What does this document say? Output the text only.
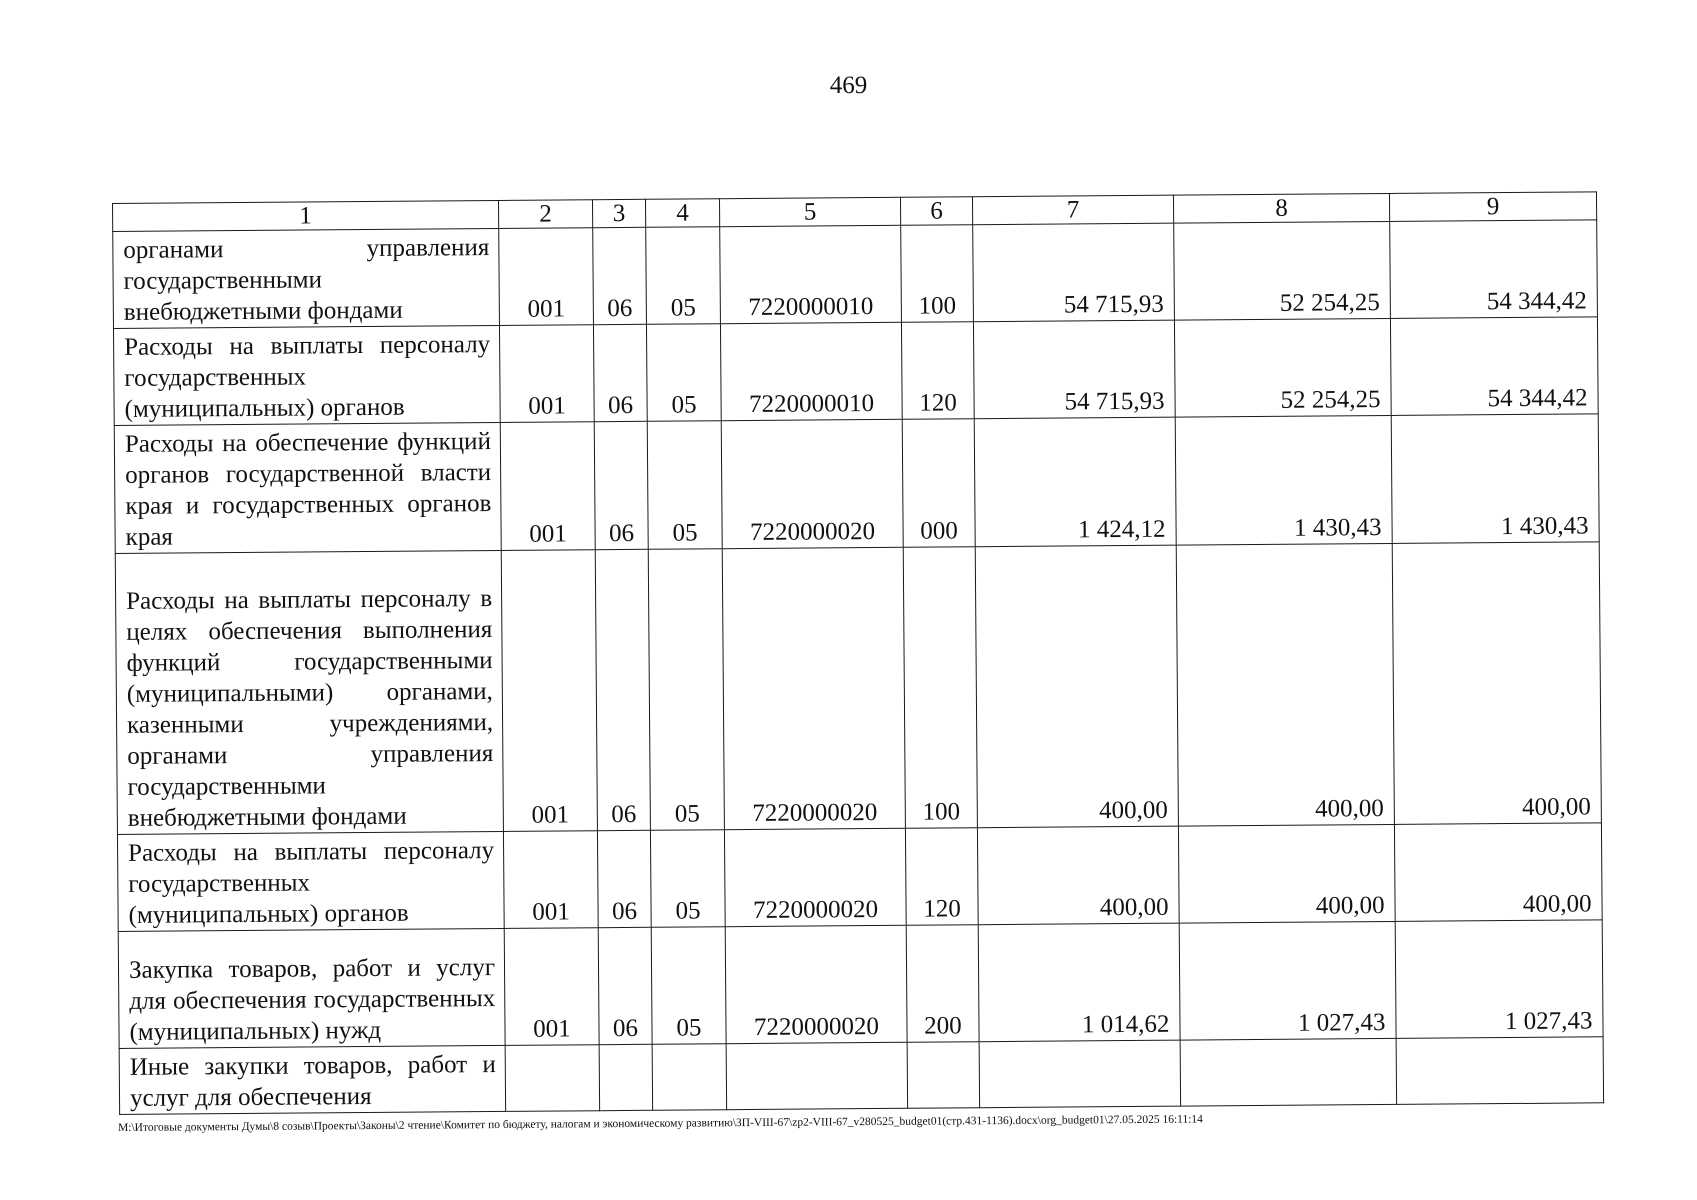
469
1	2	3	4	5	6	7	8	9
органами управления государственными внебюджетными фондами	001	06	05	7220000010	100	54 715,93	52 254,25	54 344,42
Расходы на выплаты персоналу государственных (муниципальных) органов	001	06	05	7220000010	120	54 715,93	52 254,25	54 344,42
Расходы на обеспечение функций органов государственной власти края и государственных органов края	001	06	05	7220000020	000	1 424,12	1 430,43	1 430,43
Расходы на выплаты персоналу в целях обеспечения выполнения функций государственными (муниципальными) органами, казенными учреждениями, органами управления государственными внебюджетными фондами	001	06	05	7220000020	100	400,00	400,00	400,00
Расходы на выплаты персоналу государственных (муниципальных) органов	001	06	05	7220000020	120	400,00	400,00	400,00
Закупка товаров, работ и услуг для обеспечения государственных (муниципальных) нужд	001	06	05	7220000020	200	1 014,62	1 027,43	1 027,43
Иные закупки товаров, работ и услуг для обеспечения								
М:\Итоговые документы Думы\8 созыв\Проекты\Законы\2 чтение\Комитет по бюджету, налогам и экономическому развитию\ЗП-VIII-67\zp2-VIII-67_v280525_budget01(стр.431-1136).docx\org_budget01\27.05.2025 16:11:14
